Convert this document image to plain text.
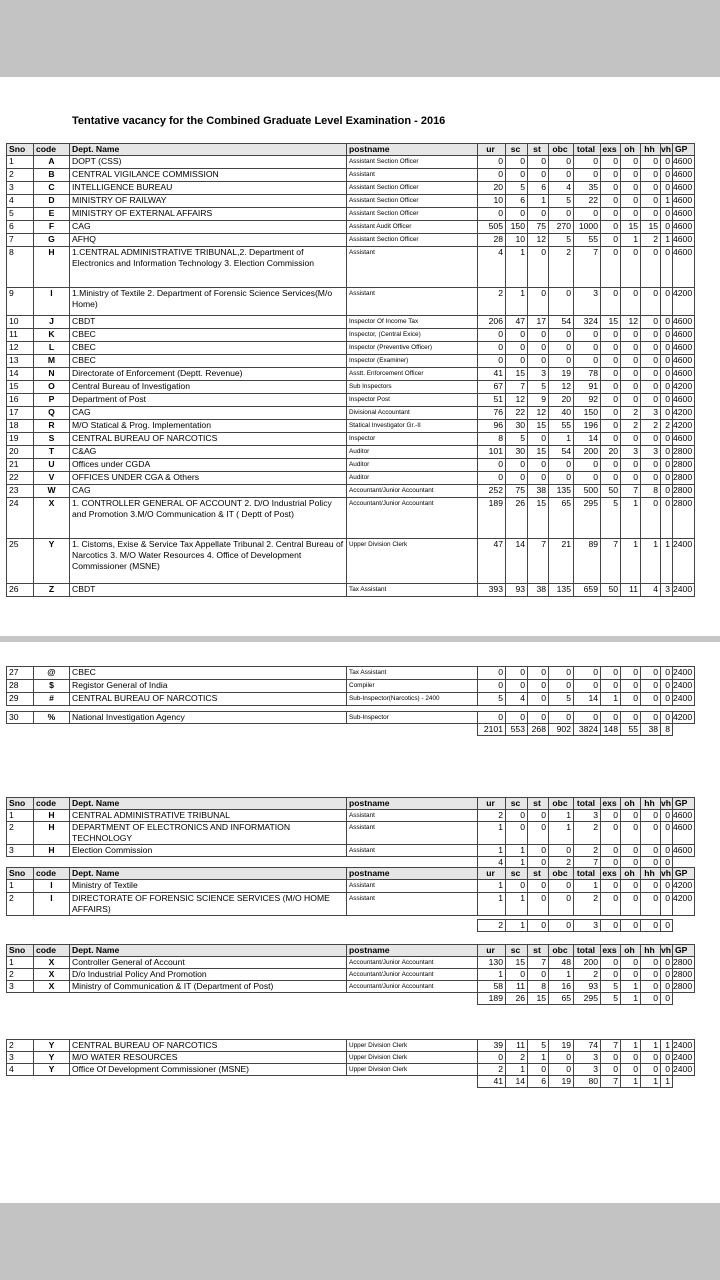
Tentative vacancy for the Combined Graduate Level Examination - 2016
Sno	code	Dept. Name	postname	ur	sc	st	obc	total	exs	oh	hh	vh	GP
1	A	DOPT (CSS)	Assistant Section Officer	0	0	0	0	0	0	0	0	0	4600

2	B	CENTRAL VIGILANCE COMMISSION	Assistant	0	0	0	0	0	0	0	0	0	4600

3	C	INTELLIGENCE BUREAU	Assistant Section Officer	20	5	6	4	35	0	0	0	0	4600

4	D	MINISTRY OF RAILWAY	Assistant Section Officer	10	6	1	5	22	0	0	0	1	4600

5	E	MINISTRY OF EXTERNAL AFFAIRS	Assistant Section Officer	0	0	0	0	0	0	0	0	0	4600

6	F	CAG	Assistant Audit Officer	505	150	75	270	1000	0	15	15	0	4600

7	G	AFHQ	Assistant Section Officer	28	10	12	5	55	0	1	2	1	4600

8	H	1.CENTRAL ADMINISTRATIVE TRIBUNAL,2. Department of Electronics and Information Technology 3. Election Commission	Assistant	4	1	0	2	7	0	0	0	0	4600

9	I	1.Ministry of Textile 2. Department of Forensic Science Services(M/o Home)	Assistant	2	1	0	0	3	0	0	0	0	4200

10	J	CBDT	Inspector Of Income Tax	206	47	17	54	324	15	12	0	0	4600

11	K	CBEC	Inspector, (Central Exice)	0	0	0	0	0	0	0	0	0	4600

12	L	CBEC	Inspector (Preventive Officer)	0	0	0	0	0	0	0	0	0	4600

13	M	CBEC	Inspector (Examiner)	0	0	0	0	0	0	0	0	0	4600

14	N	Directorate of Enforcement (Deptt. Revenue)	Asstt. Enforcement Officer	41	15	3	19	78	0	0	0	0	4600

15	O	Central Bureau of Investigation	Sub Inspectors	67	7	5	12	91	0	0	0	0	4200

16	P	Department of Post	Inspector Post	51	12	9	20	92	0	0	0	0	4600

17	Q	CAG	Divisional Accountant	76	22	12	40	150	0	2	3	0	4200

18	R	M/O Statical & Prog. Implementation	Statical Investigator Gr.-II	96	30	15	55	196	0	2	2	2	4200

19	S	CENTRAL BUREAU OF NARCOTICS	Inspector	8	5	0	1	14	0	0	0	0	4600

20	T	C&AG	Auditor	101	30	15	54	200	20	3	3	0	2800

21	U	Offices under CGDA	Auditor	0	0	0	0	0	0	0	0	0	2800

22	V	OFFICES UNDER CGA & Others	Auditor	0	0	0	0	0	0	0	0	0	2800

23	W	CAG	Accountant/Junior Accountant	252	75	38	135	500	50	7	8	0	2800

24	X	1. CONTROLLER GENERAL OF ACCOUNT 2. D/O Industrial Policy and Promotion 3.M/O Communication & IT ( Deptt of Post)	Accountant/Junior Accountant	189	26	15	65	295	5	1	0	0	2800

25	Y	1. Cistoms, Exise & Service Tax Appellate Tribunal 2. Central Bureau of Narcotics 3. M/O Water Resources 4. Office of Development Commissioner (MSNE)	Upper Division Clerk	47	14	7	21	89	7	1	1	1	2400

26	Z	CBDT	Tax Assistant	393	93	38	135	659	50	11	4	3	2400
27	@	CBEC	Tax Assistant	0	0	0	0	0	0	0	0	0	2400

28	$	Registor General of India	Compiler	0	0	0	0	0	0	0	0	0	2400

29	#	CENTRAL BUREAU OF NARCOTICS	Sub-Inspector(Narcotics) - 2400	5	4	0	5	14	1	0	0	0	2400

30	%	National Investigation Agency	Sub-Inspector	0	0	0	0	0	0	0	0	0	4200

				2101	553	268	902	3824	148	55	38	8	
Sno	code	Dept. Name	postname	ur	sc	st	obc	total	exs	oh	hh	vh	GP
1	H	CENTRAL ADMINISTRATIVE TRIBUNAL	Assistant	2	0	0	1	3	0	0	0	0	4600

2	H	DEPARTMENT OF ELECTRONICS AND INFORMATION TECHNOLOGY	Assistant	1	0	0	1	2	0	0	0	0	4600

3	H	Election Commission	Assistant	1	1	0	0	2	0	0	0	0	4600

				4	1	0	2	7	0	0	0	0	
Sno	code	Dept. Name	postname	ur	sc	st	obc	total	exs	oh	hh	vh	GP
1	I	Ministry of Textile	Assistant	1	0	0	0	1	0	0	0	0	4200

2	I	DIRECTORATE OF FORENSIC SCIENCE SERVICES (M/O HOME AFFAIRS)	Assistant	1	1	0	0	2	0	0	0	0	4200

				2	1	0	0	3	0	0	0	0	
Sno	code	Dept. Name	postname	ur	sc	st	obc	total	exs	oh	hh	vh	GP
1	X	Controller General of Account	Accountant/Junior Accountant	130	15	7	48	200	0	0	0	0	2800

2	X	D/o Industrial Policy And Promotion	Accountant/Junior Accountant	1	0	0	1	2	0	0	0	0	2800

3	X	Ministry of Communication & IT (Department of Post)	Accountant/Junior Accountant	58	11	8	16	93	5	1	0	0	2800

				189	26	15	65	295	5	1	0	0	
2	Y	CENTRAL BUREAU OF NARCOTICS	Upper Division Clerk	39	11	5	19	74	7	1	1	1	2400

3	Y	M/O WATER RESOURCES	Upper Division Clerk	0	2	1	0	3	0	0	0	0	2400

4	Y	Office Of Development Commissioner (MSNE)	Upper Division Clerk	2	1	0	0	3	0	0	0	0	2400

				41	14	6	19	80	7	1	1	1	
